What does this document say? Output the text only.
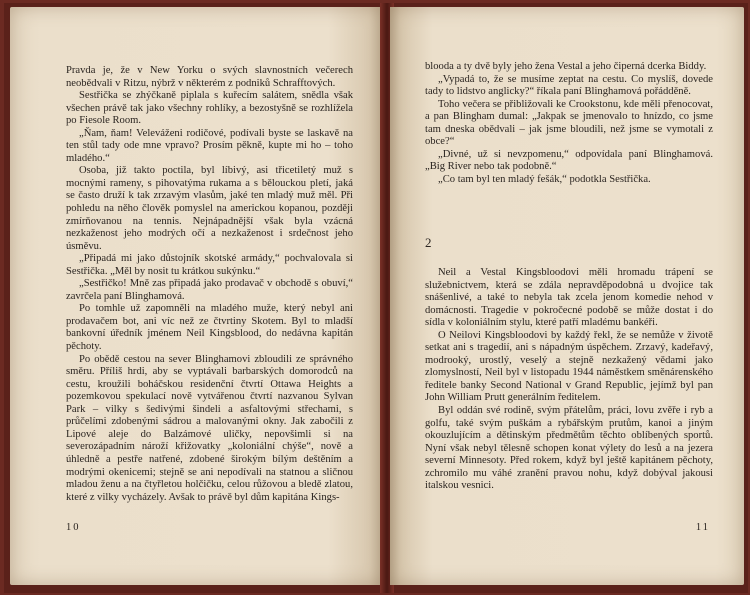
Pravda je, že v New Yorku o svých slavnostních večerech neobědvali v Ritzu, nýbrž v některém z podniků Schrafftových.

Sestřička se zhýčkaně piplala s kuřecím salátem, snědla však všechen právě tak jako všechny rohlíky, a bezostyšně se rozhlížela po Fiesole Room.

„Ňam, ňam! Veleváženi rodičové, podívali byste se laskavě na ten stůl tady ode mne vpravo? Prosím pěkně, kupte mi ho – toho mladého.“

Osoba, již takto poctila, byl líbivý, asi třicetiletý muž s mocnými rameny, s pihovatýma rukama a s bělouckou pletí, jaká se často druží k tak zrzavým vlasům, jaké ten mladý muž měl. Při pohledu na něho člověk pomyslel na americkou kopanou, později zmírňovanou na tennis. Nejnápadnější však byla vzácná nezkaženost jeho modrých očí a nezkaženost i srdečnost jeho úsměvu.

„Připadá mi jako důstojník skotské armády,“ pochvalovala si Sestřička. „Měl by nosit tu krátkou sukýnku.“

„Sestřičko! Mně zas připadá jako prodavač v obchodě s obuví,“ zavrčela paní Blinghamová.

Po tomhle už zapomněli na mladého muže, který nebyl ani prodavačem bot, ani víc než ze čtvrtiny Skotem. Byl to mladší bankovní úředník jménem Neil Kingsblood, do nedávna kapitán pěchoty.

Po obědě cestou na sever Blinghamovi zbloudili ze správného směru. Příliš hrdi, aby se vyptávali barbarských domorodců na cestu, kroužili boháčskou residenční čtvrtí Ottawa Heights a pozemkovou spekulací nově vytvářenou čtvrtí nazvanou Sylvan Park – vilky s šedivými šindeli a asfaltovými střechami, s průčelími zdobenými sádrou a malovanými okny. Jak zabočili z Lipové aleje do Balzámové uličky, nepovšimli si na severozápadním nároží křižovatky „koloniální chýše“, nově a úhledně a pestře natřené, zdobené širokým bílým deštěním a modrými okenicemi; stejně se ani nepodívali na statnou a sličnou mladou ženu a na čtyřletou holčičku, celou růžovou a bledě zlatou, které z vilky vycházely. Avšak to právě byl dům kapitána Kings-

10

blooda a ty dvě byly jeho žena Vestal a jeho čiperná dcerka Biddy.

„Vypadá to, že se musíme zeptat na cestu. Co myslíš, dovede tady to lidstvo anglicky?“ říkala paní Blinghamová pořádděně.

Toho večera se přibližovali ke Crookstonu, kde měli přenocovat, a pan Blingham dumal: „Jakpak se jmenovalo to hnízdo, co jsme tam dneska obědvali – jak jsme bloudili, než jsme se vymotali z obce?“

„Divné, už si nevzpomenu,“ odpovídala paní Blinghamová. „Big River nebo tak podobně.“

„Co tam byl ten mladý fešák,“ podotkla Sestřička.

2

Neil a Vestal Kingsbloodovi měli hromadu trápení se služebnictvem, která se zdála nepravděpodobná u dvojice tak snášenlivé, a také to nebyla tak zcela jenom komedie nehod v domácnosti. Tragedie v pokročecné podobě se může dostat i do sídla v koloniálním stylu, které patří mladému bankéři.

O Neilovi Kingsbloodovi by každý řekl, že se nemůže v životě setkat ani s tragedií, ani s nápadným úspěchem. Zrzavý, kadeřavý, modrooký, urostlý, veselý a stejně nezkažený vědami jako zlomyslností, Neil byl v listopadu 1944 náměstkem směnárenského ředitele banky Second National v Grand Republic, jejímž byl pan John William Prutt generálním ředitelem.

Byl oddán své rodině, svým přátelům, práci, lovu zvěře i ryb a golfu, také svým puškám a rybářským prutům, kanoi a jiným okouzlujícím a dětinským předmětům těchto oblíbených sportů. Nyní však nebyl tělesně schopen konat výlety do lesů a na jezera severní Minnesoty. Před rokem, když byl ještě kapitánem pěchoty, zchromilo mu váhé zranění pravou nohu, když dobýval jakousi italskou vesnici.

11
